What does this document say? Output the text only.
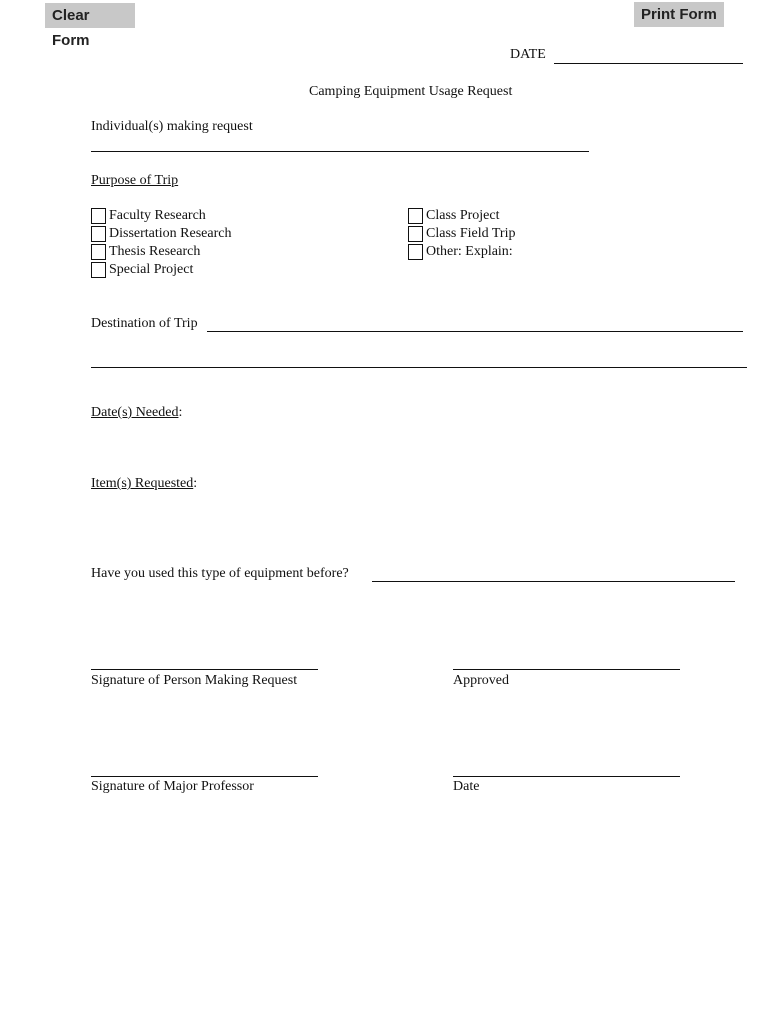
Clear Form
Print Form
DATE
Camping Equipment Usage Request
Individual(s) making request
Purpose of Trip
Faculty Research
Dissertation Research
Thesis Research
Special Project
Class Project
Class Field Trip
Other: Explain:
Destination of Trip
Date(s) Needed:
Item(s) Requested:
Have you used this type of equipment before?
Signature of Person Making Request	Approved
Signature of Major Professor	Date
